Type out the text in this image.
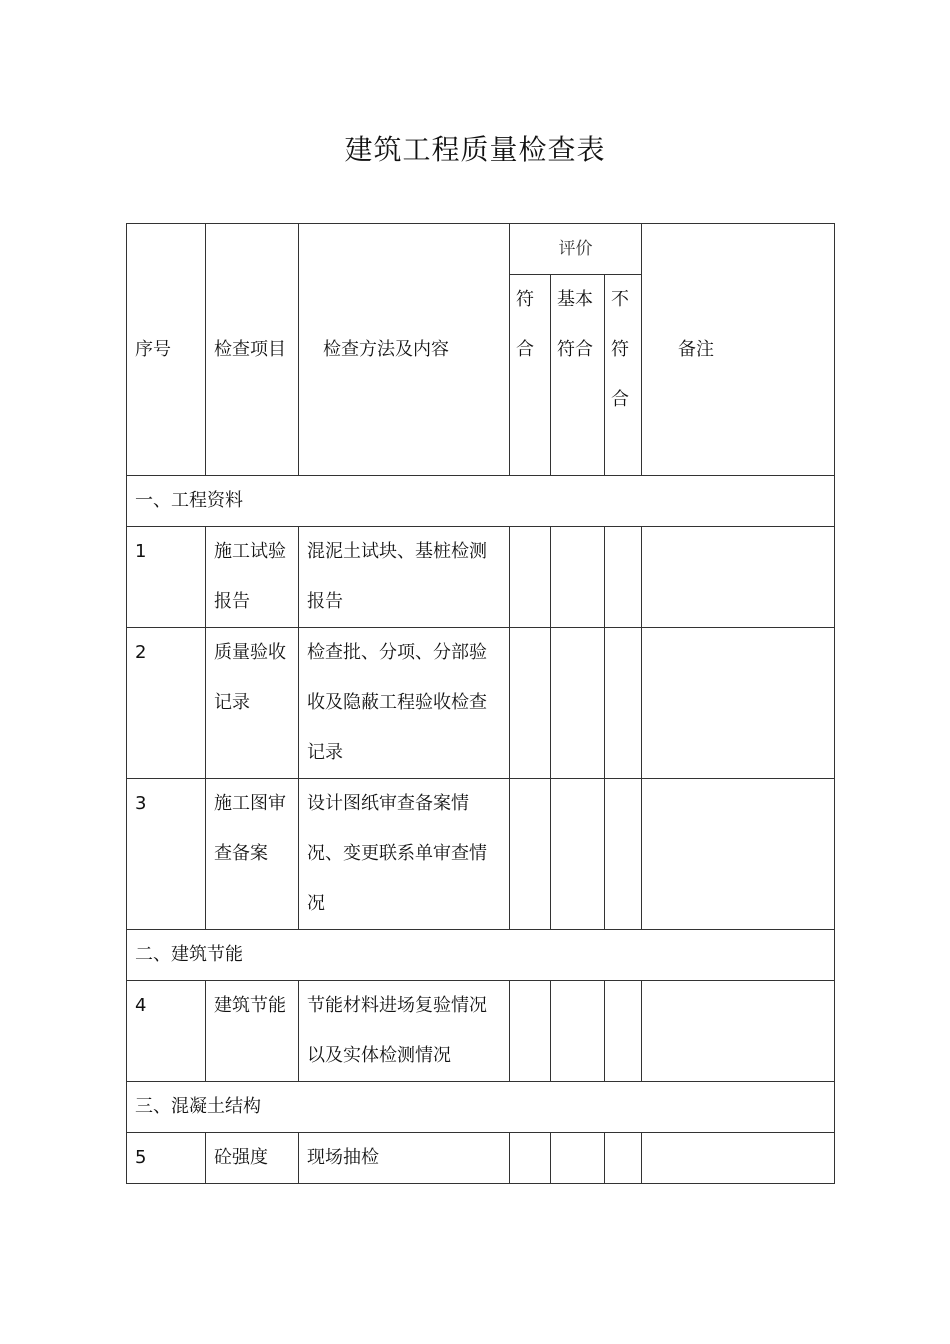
建筑工程质量检查表
序号	检查项目	检查方法及内容	评价			备注
			符合	基本符合	不符合	
一、工程资料						
1	施工试验报告	混泥土试块、基桩检测报告				
2	质量验收记录	检查批、分项、分部验收及隐蔽工程验收检查记录				
3	施工图审查备案	设计图纸审查备案情况、变更联系单审查情况				
二、建筑节能						
4	建筑节能	节能材料进场复验情况以及实体检测情况				
三、混凝土结构						
5	砼强度	现场抽检				
